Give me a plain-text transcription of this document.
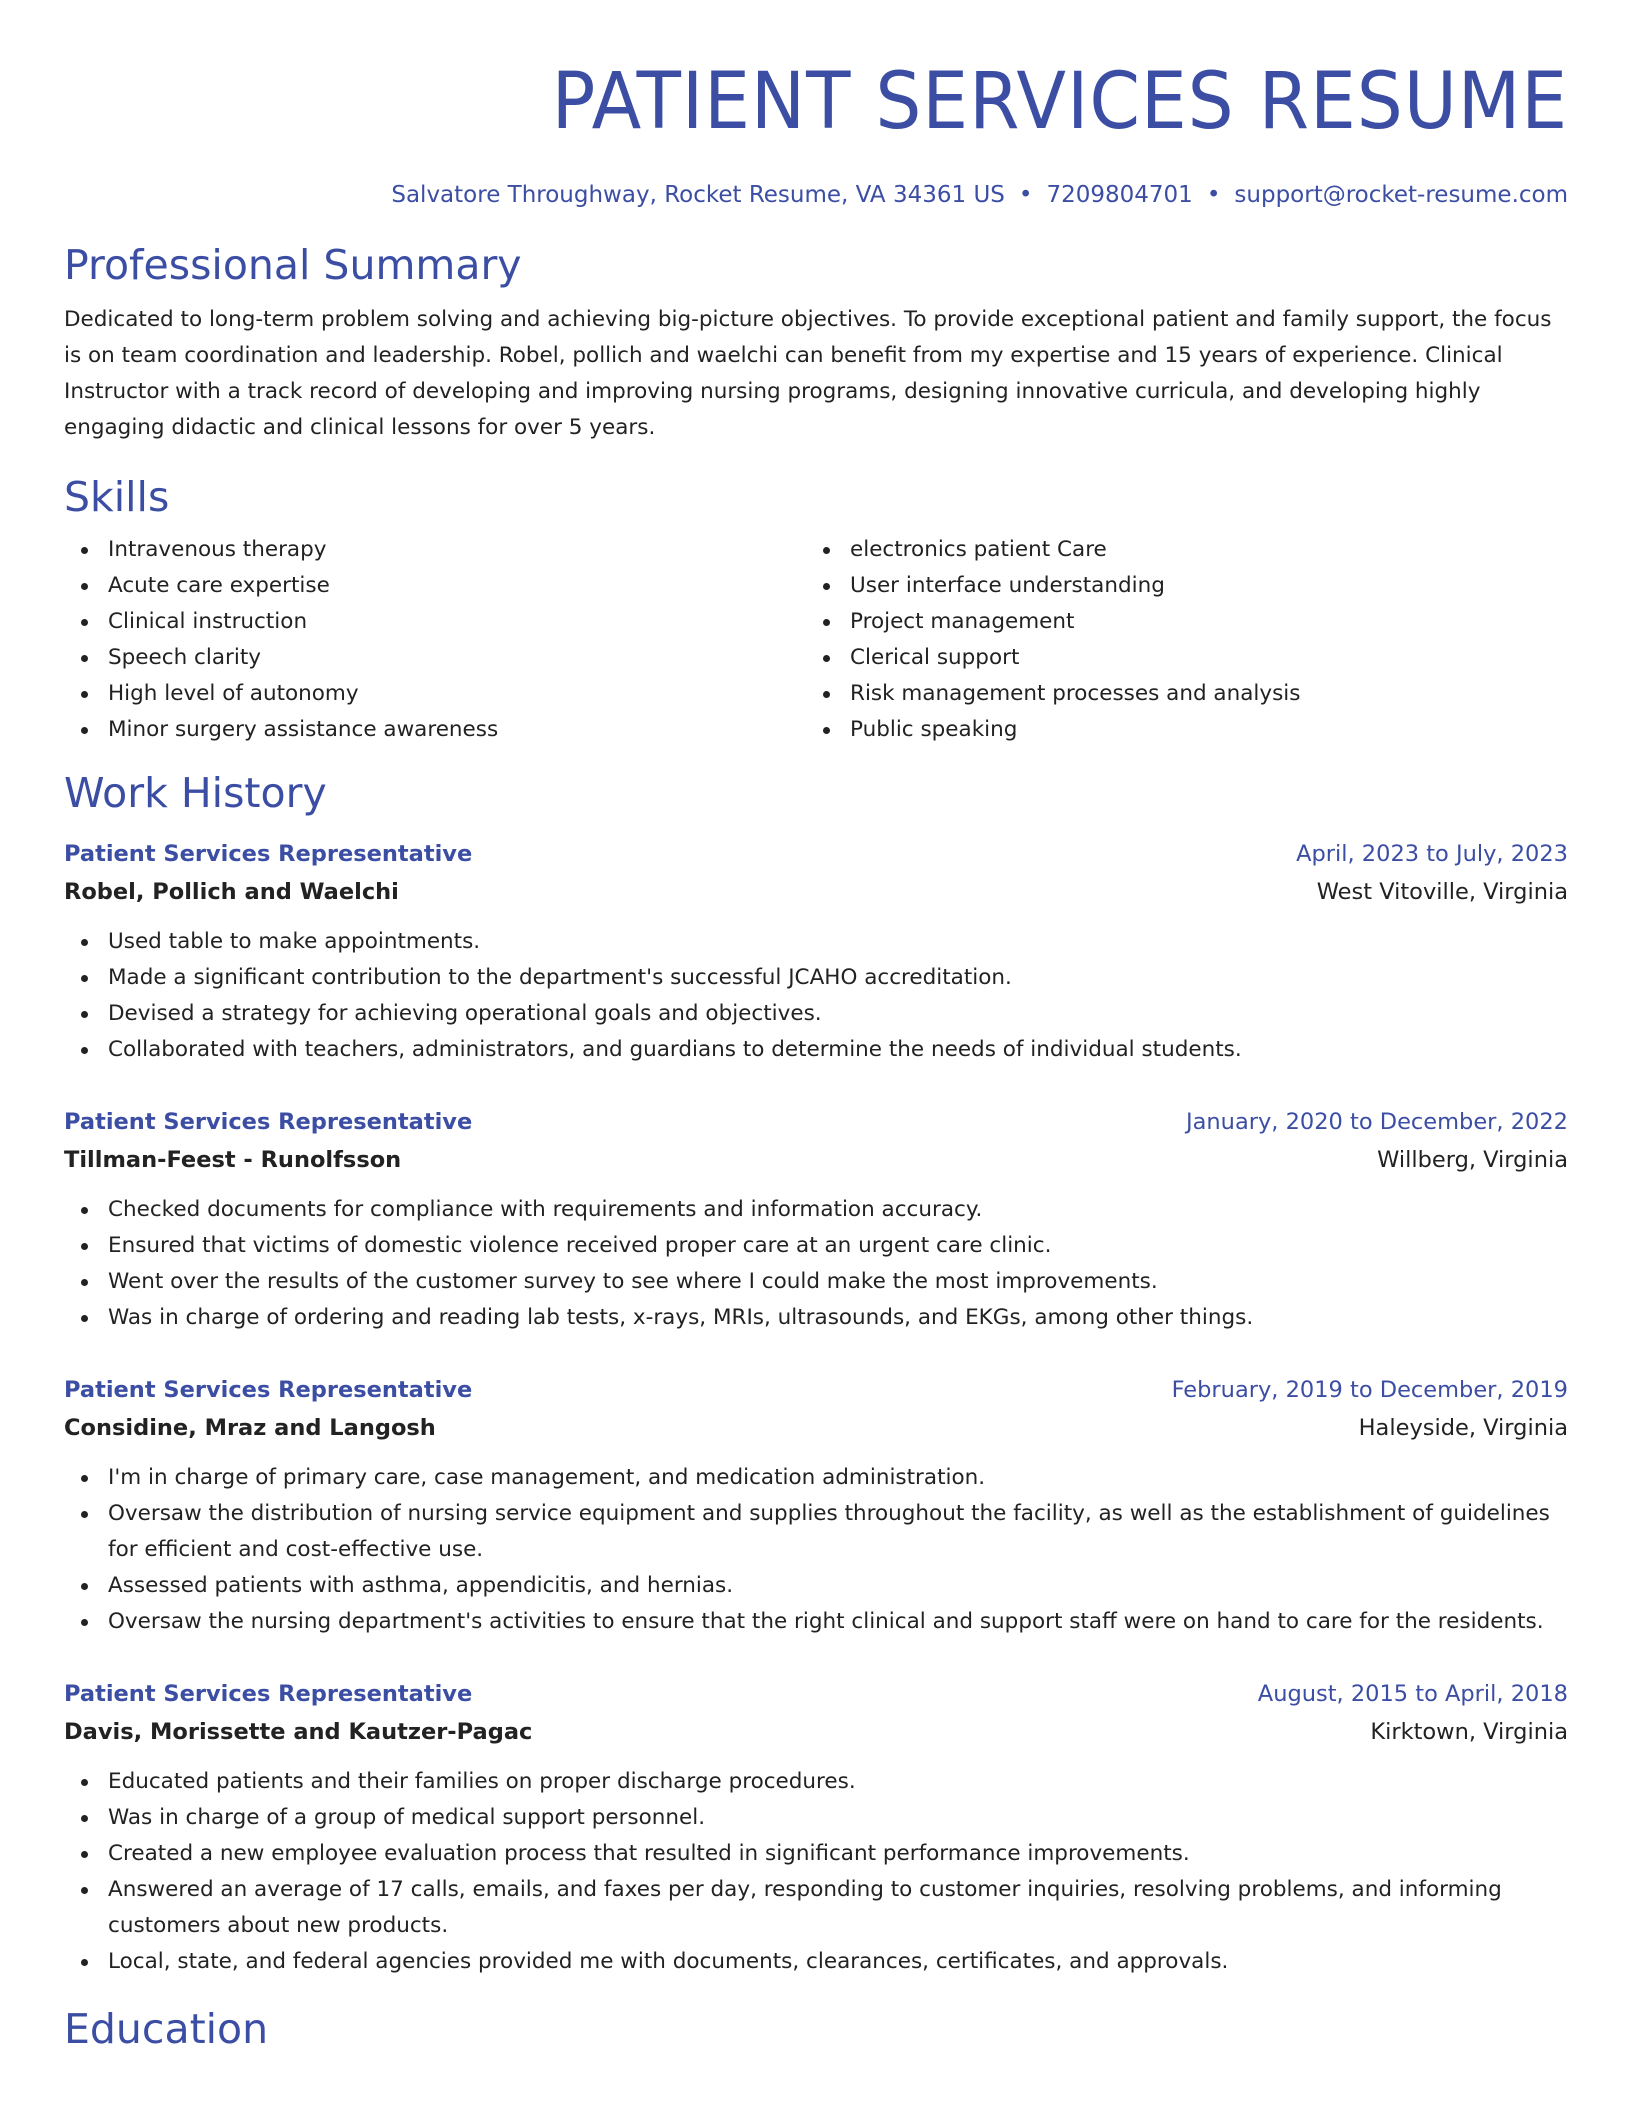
PATIENT SERVICES RESUME
Salvatore Throughway, Rocket Resume, VA 34361 US • 7209804701 • support@rocket-resume.com
Professional Summary
Dedicated to long-term problem solving and achieving big-picture objectives. To provide exceptional patient and family support, the focus is on team coordination and leadership. Robel, pollich and waelchi can benefit from my expertise and 15 years of experience. Clinical Instructor with a track record of developing and improving nursing programs, designing innovative curricula, and developing highly engaging didactic and clinical lessons for over 5 years.
Skills
Intravenous therapy
Acute care expertise
Clinical instruction
Speech clarity
High level of autonomy
Minor surgery assistance awareness
electronics patient Care
User interface understanding
Project management
Clerical support
Risk management processes and analysis
Public speaking
Work History
Patient Services Representative	April, 2023 to July, 2023
Robel, Pollich and Waelchi	West Vitoville, Virginia
Used table to make appointments.
Made a significant contribution to the department's successful JCAHO accreditation.
Devised a strategy for achieving operational goals and objectives.
Collaborated with teachers, administrators, and guardians to determine the needs of individual students.
Patient Services Representative	January, 2020 to December, 2022
Tillman-Feest - Runolfsson	Willberg, Virginia
Checked documents for compliance with requirements and information accuracy.
Ensured that victims of domestic violence received proper care at an urgent care clinic.
Went over the results of the customer survey to see where I could make the most improvements.
Was in charge of ordering and reading lab tests, x-rays, MRIs, ultrasounds, and EKGs, among other things.
Patient Services Representative	February, 2019 to December, 2019
Considine, Mraz and Langosh	Haleyside, Virginia
I'm in charge of primary care, case management, and medication administration.
Oversaw the distribution of nursing service equipment and supplies throughout the facility, as well as the establishment of guidelines for efficient and cost-effective use.
Assessed patients with asthma, appendicitis, and hernias.
Oversaw the nursing department's activities to ensure that the right clinical and support staff were on hand to care for the residents.
Patient Services Representative	August, 2015 to April, 2018
Davis, Morissette and Kautzer-Pagac	Kirktown, Virginia
Educated patients and their families on proper discharge procedures.
Was in charge of a group of medical support personnel.
Created a new employee evaluation process that resulted in significant performance improvements.
Answered an average of 17 calls, emails, and faxes per day, responding to customer inquiries, resolving problems, and informing customers about new products.
Local, state, and federal agencies provided me with documents, clearances, certificates, and approvals.
Education
